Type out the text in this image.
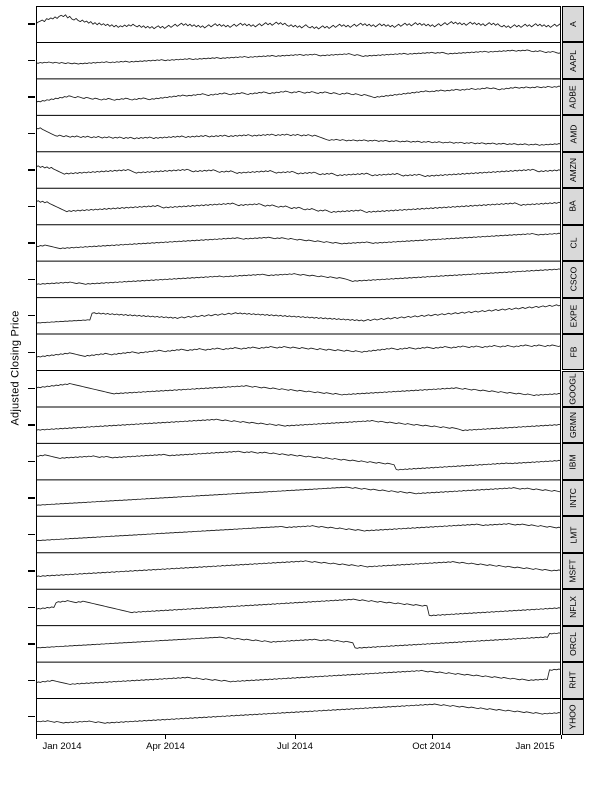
Adjusted Closing Price
A
AAPL
ADBE
AMD
AMZN
BA
CL
CSCO
EXPE
FB
GOOGL
GRMN
IBM
INTC
LMT
MSFT
NFLX
ORCL
RHT
YHOO
Jan 2014	Apr 2014	Jul 2014	Oct 2014	Jan 2015
